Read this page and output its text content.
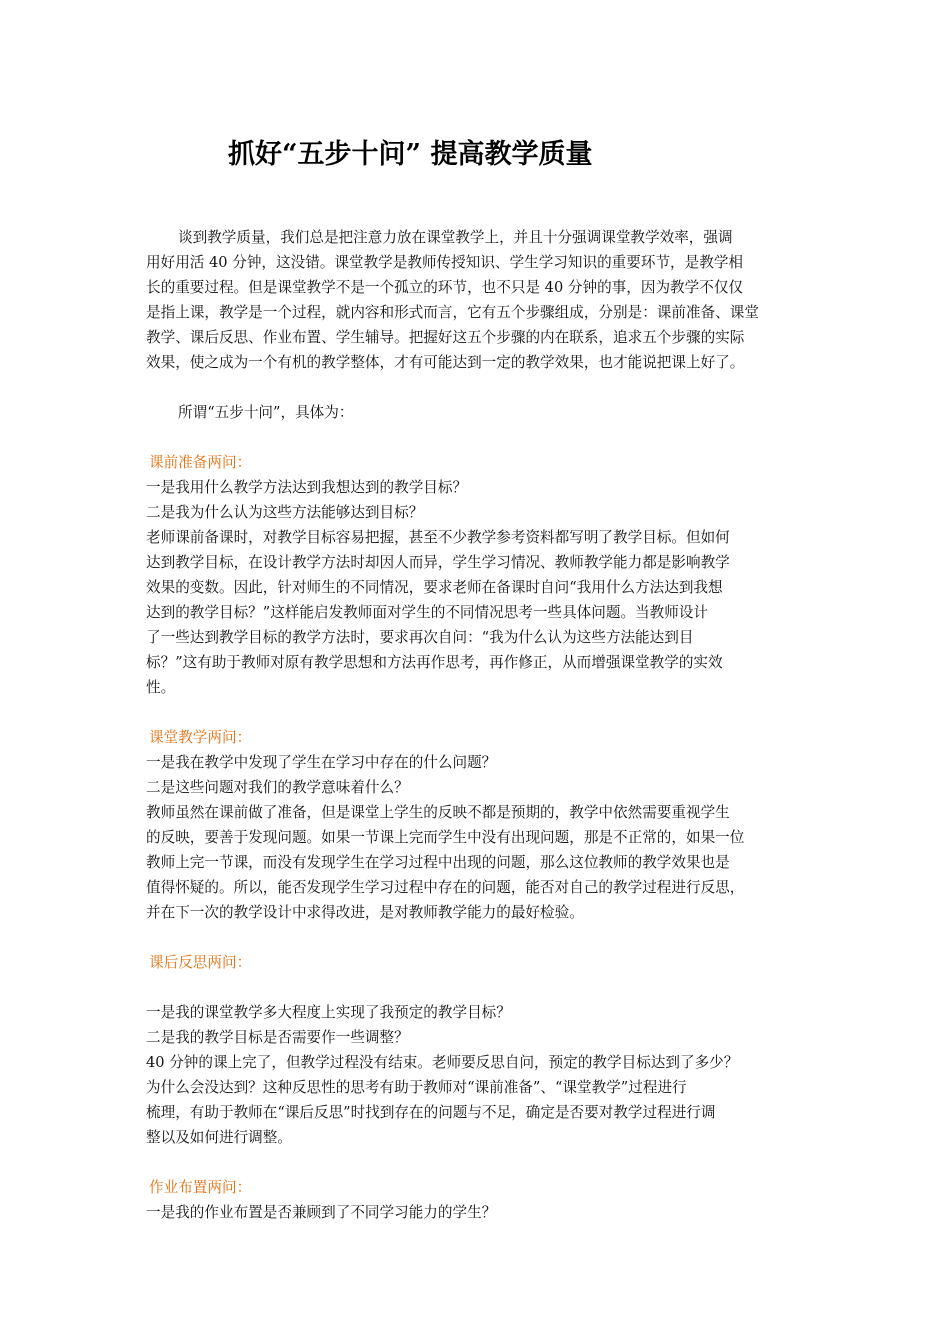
抓好“五步十问” 提高教学质量
谈到教学质量，我们总是把注意力放在课堂教学上，并且十分强调课堂教学效率，强调
用好用活 40 分钟，这没错。课堂教学是教师传授知识、学生学习知识的重要环节，是教学相
长的重要过程。但是课堂教学不是一个孤立的环节，也不只是 40 分钟的事，因为教学不仅仅
是指上课，教学是一个过程，就内容和形式而言，它有五个步骤组成，分别是：课前准备、课堂
教学、课后反思、作业布置、学生辅导。把握好这五个步骤的内在联系，追求五个步骤的实际
效果，使之成为一个有机的教学整体，才有可能达到一定的教学效果，也才能说把课上好了。
所谓“五步十问”，具体为：
课前准备两问：
一是我用什么教学方法达到我想达到的教学目标？
二是我为什么认为这些方法能够达到目标？
老师课前备课时，对教学目标容易把握，甚至不少教学参考资料都写明了教学目标。但如何
达到教学目标，在设计教学方法时却因人而异，学生学习情况、教师教学能力都是影响教学
效果的变数。因此，针对师生的不同情况，要求老师在备课时自问“我用什么方法达到我想
达到的教学目标？”这样能启发教师面对学生的不同情况思考一些具体问题。当教师设计
了一些达到教学目标的教学方法时，要求再次自问：“我为什么认为这些方法能达到目
标？”这有助于教师对原有教学思想和方法再作思考，再作修正，从而增强课堂教学的实效
性。
课堂教学两问：
一是我在教学中发现了学生在学习中存在的什么问题？
二是这些问题对我们的教学意味着什么？
教师虽然在课前做了准备，但是课堂上学生的反映不都是预期的，教学中依然需要重视学生
的反映，要善于发现问题。如果一节课上完而学生中没有出现问题，那是不正常的，如果一位
教师上完一节课，而没有发现学生在学习过程中出现的问题，那么这位教师的教学效果也是
值得怀疑的。所以，能否发现学生学习过程中存在的问题，能否对自己的教学过程进行反思，
并在下一次的教学设计中求得改进，是对教师教学能力的最好检验。
课后反思两问：
一是我的课堂教学多大程度上实现了我预定的教学目标？
二是我的教学目标是否需要作一些调整？
40 分钟的课上完了，但教学过程没有结束。老师要反思自问，预定的教学目标达到了多少？
为什么会没达到？这种反思性的思考有助于教师对“课前准备”、“课堂教学”过程进行
梳理，有助于教师在“课后反思”时找到存在的问题与不足，确定是否要对教学过程进行调
整以及如何进行调整。
作业布置两问：
一是我的作业布置是否兼顾到了不同学习能力的学生？
